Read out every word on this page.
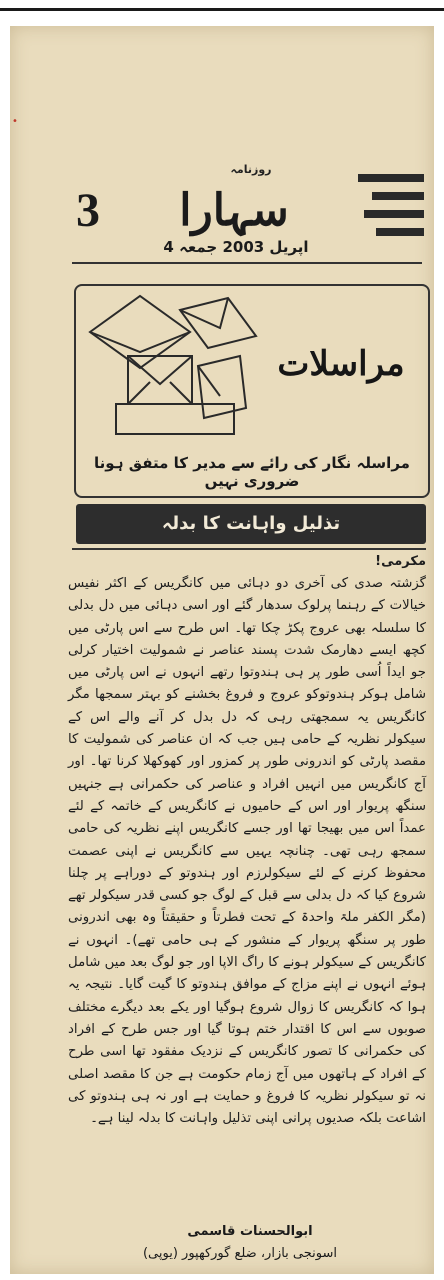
•
روزنامہ
سہارا
3
4 اپریل 2003 جمعہ
مراسلات
مراسلہ نگار کی رائے سے مدیر کا متفق ہونا ضروری نہیں
تذلیل واہانت کا بدلہ

مکرمی!

گزشتہ صدی کی آخری دو دہائی میں کانگریس کے اکثر نفیس خیالات کے رہنما پرلوک سدھار گئے اور اسی دہائی میں دل بدلی کا سلسلہ بھی عروج پکڑ چکا تھا۔ اس طرح سے اس پارٹی میں کچھ ایسے دھارمک شدت پسند عناصر نے شمولیت اختیار کرلی جو ایداً اُسی طور پر ہی ہندوتوا رتھے انہوں نے اس پارٹی میں شامل ہوکر ہندوتوکو عروج و فروغ بخشنے کو بہتر سمجھا مگر کانگریس یہ سمجھتی رہی کہ دل بدل کر آنے والے اس کے سیکولر نظریہ کے حامی ہیں جب کہ ان عناصر کی شمولیت کا مقصد پارٹی کو اندرونی طور پر کمزور اور کھوکھلا کرنا تھا۔ اور آج کانگریس میں انہیں افراد و عناصر کی حکمرانی ہے جنہیں سنگھ پریوار اور اس کے حامیوں نے کانگریس کے خاتمہ کے لئے عمداً اس میں بھیجا تھا اور جسے کانگریس اپنے نظریہ کی حامی سمجھ رہی تھی۔ چنانچہ یہیں سے کانگریس نے اپنی عصمت محفوظ کرنے کے لئے سیکولرزم اور ہندوتو کے دوراہے پر چلنا شروع کیا کہ دل بدلی سے قبل کے لوگ جو کسی قدر سیکولر تھے (مگر الکفر ملۃ واحدۃ کے تحت فطرتاً و حقیقتاً وہ بھی اندرونی طور پر سنگھ پریوار کے منشور کے ہی حامی تھے)۔ انہوں نے کانگریس کے سیکولر ہونے کا راگ الاپا اور جو لوگ بعد میں شامل ہوئے انہوں نے اپنے مزاج کے موافق ہندوتو کا گیت گایا۔ نتیجہ یہ ہوا کہ کانگریس کا زوال شروع ہوگیا اور یکے بعد دیگرے مختلف صوبوں سے اس کا اقتدار ختم ہوتا گیا اور جس طرح کے افراد کی حکمرانی کا تصور کانگریس کے نزدیک مفقود تھا اسی طرح کے افراد کے ہاتھوں میں آج زمام حکومت ہے جن کا مقصد اصلی نہ تو سیکولر نظریہ کا فروغ و حمایت ہے اور نہ ہی ہندوتو کی اشاعت بلکہ صدیوں پرانی اپنی تذلیل واہانت کا بدلہ لینا ہے۔

ابوالحسنات قاسمی
اسونجی بازار، ضلع گورکھپور (یوپی)
